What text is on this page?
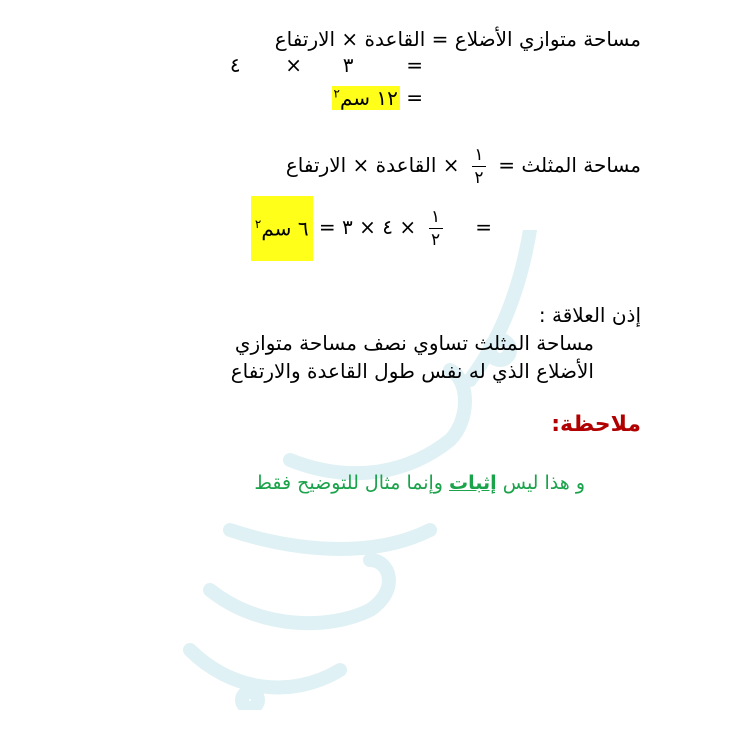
مساحة متوازي الأضلاع = القاعدة × الارتفاع
٣  ×  ٤	=
= ١٢ سم$^٢$
مساحة المثلث =
$\frac{١}{٢}$
× القاعدة × الارتفاع
=
$\frac{١}{٢}$
× ٤ × ٣ = ٦ سم$^٢$
إذن العلاقة :
مساحة المثلث تساوي نصف مساحة متوازي
الأضلاع الذي له نفس طول القاعدة والارتفاع
ملاحظة:
و هذا ليس إثبات وإنما مثال للتوضيح فقط
